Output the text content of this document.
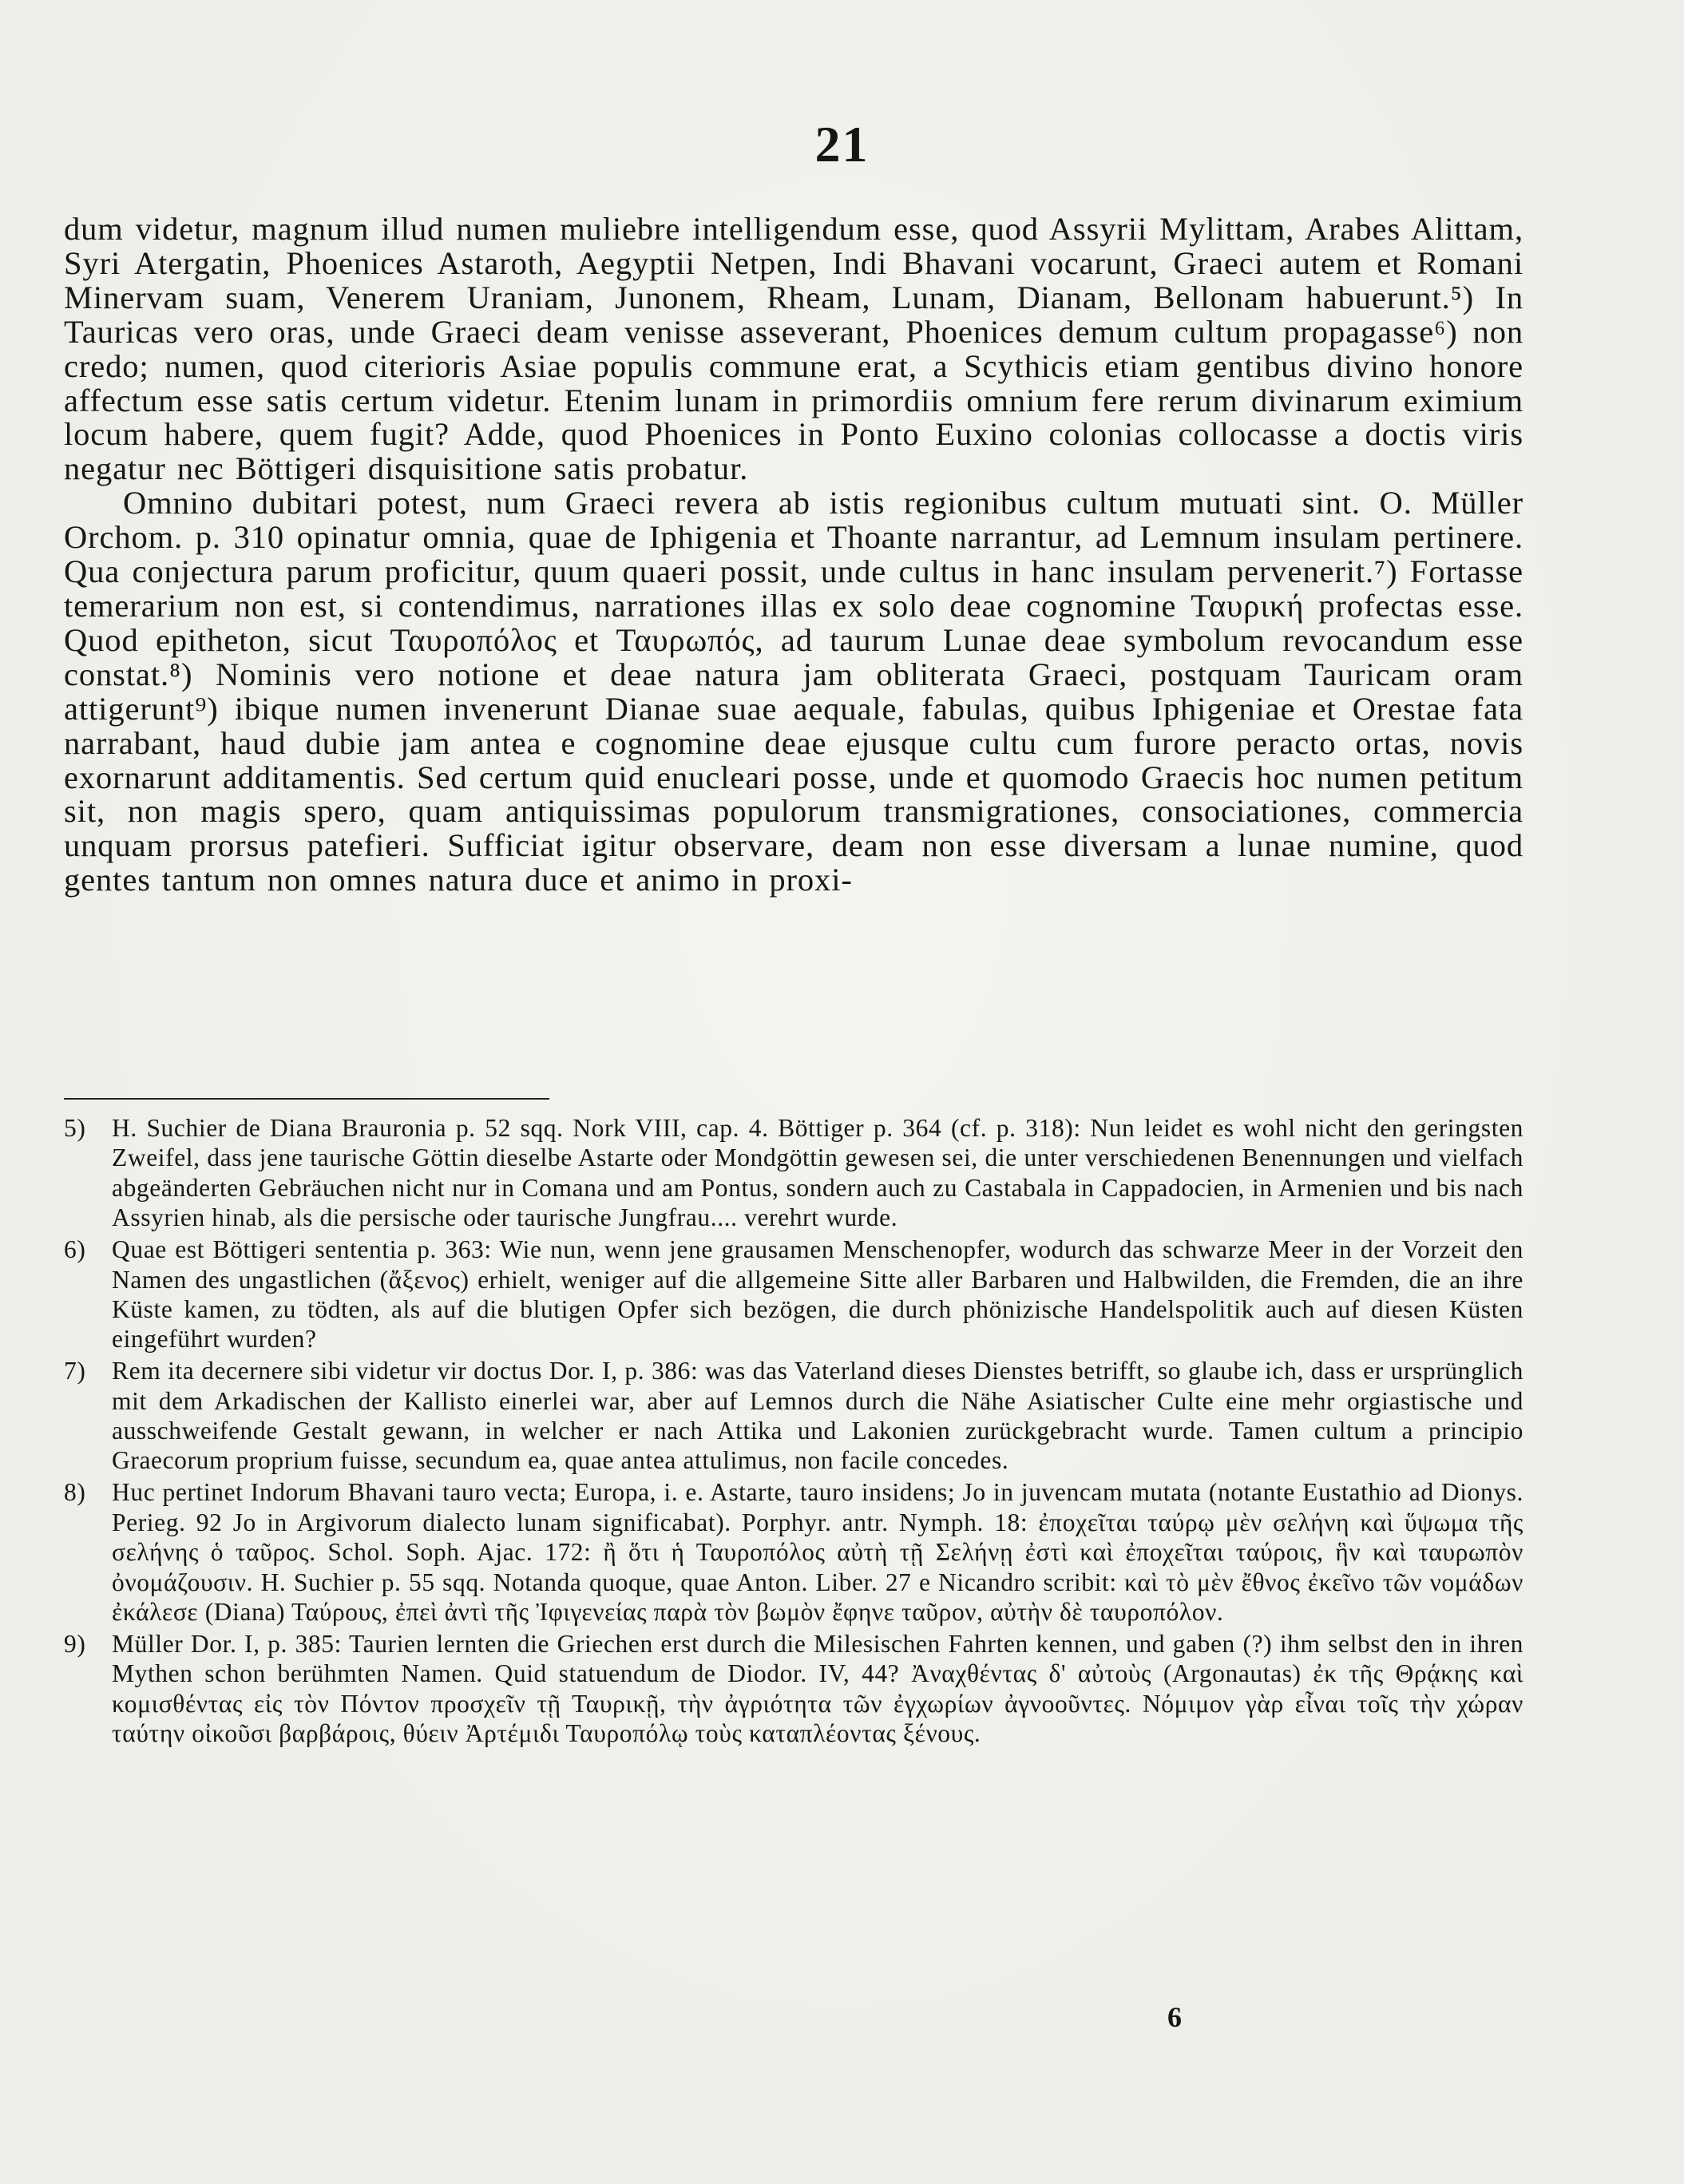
21

dum videtur, magnum illud numen muliebre intelligendum esse, quod Assyrii Mylittam, Arabes Alittam, Syri Atergatin, Phoenices Astaroth, Aegyptii Netpen, Indi Bhavani vocarunt, Graeci autem et Romani Minervam suam, Venerem Uraniam, Junonem, Rheam, Lunam, Dianam, Bellonam habuerunt.⁵) In Tauricas vero oras, unde Graeci deam venisse asseverant, Phoenices demum cultum propagasse⁶) non credo; numen, quod citerioris Asiae populis commune erat, a Scythicis etiam gentibus divino honore affectum esse satis certum videtur. Etenim lunam in primordiis omnium fere rerum divinarum eximium locum habere, quem fugit? Adde, quod Phoenices in Ponto Euxino colonias collocasse a doctis viris negatur nec Böttigeri disquisitione satis probatur.

Omnino dubitari potest, num Graeci revera ab istis regionibus cultum mutuati sint. O. Müller Orchom. p. 310 opinatur omnia, quae de Iphigenia et Thoante narrantur, ad Lemnum insulam pertinere. Qua conjectura parum proficitur, quum quaeri possit, unde cultus in hanc insulam pervenerit.⁷) Fortasse temerarium non est, si contendimus, narrationes illas ex solo deae cognomine Ταυρική profectas esse. Quod epitheton, sicut Ταυροπόλος et Ταυρωπός, ad taurum Lunae deae symbolum revocandum esse constat.⁸) Nominis vero notione et deae natura jam obliterata Graeci, postquam Tauricam oram attigerunt⁹) ibique numen invenerunt Dianae suae aequale, fabulas, quibus Iphigeniae et Orestae fata narrabant, haud dubie jam antea e cognomine deae ejusque cultu cum furore peracto ortas, novis exornarunt additamentis. Sed certum quid enucleari posse, unde et quomodo Graecis hoc numen petitum sit, non magis spero, quam antiquissimas populorum transmigrationes, consociationes, commercia unquam prorsus patefieri. Sufficiat igitur observare, deam non esse diversam a lunae numine, quod gentes tantum non omnes natura duce et animo in proxi-

5) H. Suchier de Diana Brauronia p. 52 sqq. Nork VIII, cap. 4. Böttiger p. 364 (cf. p. 318): Nun leidet es wohl nicht den geringsten Zweifel, dass jene taurische Göttin dieselbe Astarte oder Mondgöttin gewesen sei, die unter verschiedenen Benennungen und vielfach abgeänderten Gebräuchen nicht nur in Comana und am Pontus, sondern auch zu Castabala in Cappadocien, in Armenien und bis nach Assyrien hinab, als die persische oder taurische Jungfrau.... verehrt wurde.
6) Quae est Böttigeri sententia p. 363: Wie nun, wenn jene grausamen Menschenopfer, wodurch das schwarze Meer in der Vorzeit den Namen des ungastlichen (ἄξενος) erhielt, weniger auf die allgemeine Sitte aller Barbaren und Halbwilden, die Fremden, die an ihre Küste kamen, zu tödten, als auf die blutigen Opfer sich bezögen, die durch phönizische Handelspolitik auch auf diesen Küsten eingeführt wurden?
7) Rem ita decernere sibi videtur vir doctus Dor. I, p. 386: was das Vaterland dieses Dienstes betrifft, so glaube ich, dass er ursprünglich mit dem Arkadischen der Kallisto einerlei war, aber auf Lemnos durch die Nähe Asiatischer Culte eine mehr orgiastische und ausschweifende Gestalt gewann, in welcher er nach Attika und Lakonien zurückgebracht wurde. Tamen cultum a principio Graecorum proprium fuisse, secundum ea, quae antea attulimus, non facile concedes.
8) Huc pertinet Indorum Bhavani tauro vecta; Europa, i. e. Astarte, tauro insidens; Jo in juvencam mutata (notante Eustathio ad Dionys. Perieg. 92 Jo in Argivorum dialecto lunam significabat). Porphyr. antr. Nymph. 18: ἐποχεῖται ταύρῳ μὲν σελήνη καὶ ὕψωμα τῆς σελήνης ὁ ταῦρος. Schol. Soph. Ajac. 172: ἢ ὅτι ἡ Ταυροπόλος αὐτὴ τῇ Σελήνῃ ἐστὶ καὶ ἐποχεῖται ταύροις, ἣν καὶ ταυρωπὸν ὀνομάζουσιν. H. Suchier p. 55 sqq. Notanda quoque, quae Anton. Liber. 27 e Nicandro scribit: καὶ τὸ μὲν ἔθνος ἐκεῖνο τῶν νομάδων ἐκάλεσε (Diana) Ταύρους, ἐπεὶ ἀντὶ τῆς Ἰφιγενείας παρὰ τὸν βωμὸν ἔφηνε ταῦρον, αὐτὴν δὲ ταυροπόλον.
9) Müller Dor. I, p. 385: Taurien lernten die Griechen erst durch die Milesischen Fahrten kennen, und gaben (?) ihm selbst den in ihren Mythen schon berühmten Namen. Quid statuendum de Diodor. IV, 44? Ἀναχθέντας δ' αὐτοὺς (Argonautas) ἐκ τῆς Θρᾴκης καὶ κομισθέντας εἰς τὸν Πόντον προσχεῖν τῇ Ταυρικῇ, τὴν ἀγριότητα τῶν ἐγχωρίων ἀγνοοῦντες. Νόμιμον γὰρ εἶναι τοῖς τὴν χώραν ταύτην οἰκοῦσι βαρβάροις, θύειν Ἀρτέμιδι Ταυροπόλῳ τοὺς καταπλέοντας ξένους.
6
